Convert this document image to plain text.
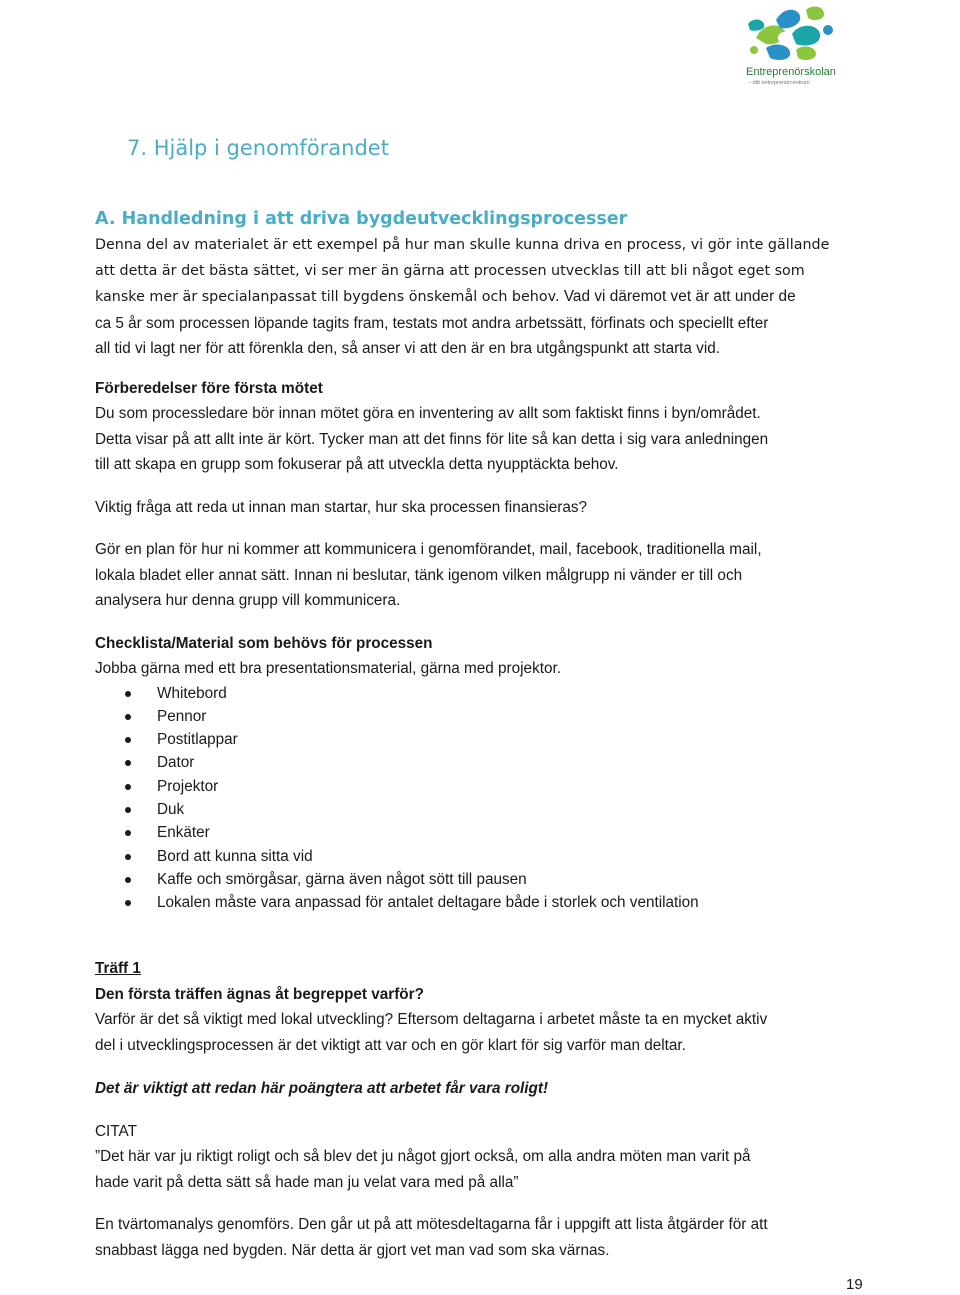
Entreprenörskolan
– ditt entreprenörcentrum
7. Hjälp i genomförandet
A. Handledning i att driva bygdeutvecklingsprocesser

Denna del av materialet är ett exempel på hur man skulle kunna driva en process, vi gör inte gällande

att detta är det bästa sättet, vi ser mer än gärna att processen utvecklas till att bli något eget som

kanske mer är specialanpassat till bygdens önskemål och behov. Vad vi däremot vet är att under de

ca 5 år som processen löpande tagits fram, testats mot andra arbetssätt, förfinats och speciellt efter

all tid vi lagt ner för att förenkla den, så anser vi att den är en bra utgångspunkt att starta vid.

Förberedelser före första mötet

Du som processledare bör innan mötet göra en inventering av allt som faktiskt finns i byn/området.

Detta visar på att allt inte är kört. Tycker man att det finns för lite så kan detta i sig vara anledningen

till att skapa en grupp som fokuserar på att utveckla detta nyupptäckta behov.

Viktig fråga att reda ut innan man startar, hur ska processen finansieras?

Gör en plan för hur ni kommer att kommunicera i genomförandet, mail, facebook, traditionella mail,

lokala bladet eller annat sätt. Innan ni beslutar, tänk igenom vilken målgrupp ni vänder er till och

analysera hur denna grupp vill kommunicera.

Checklista/Material som behövs för processen

Jobba gärna med ett bra presentationsmaterial, gärna med projektor.

Whitebord
Pennor
Postitlappar
Dator
Projektor
Duk
Enkäter
Bord att kunna sitta vid
Kaffe och smörgåsar, gärna även något sött till pausen
Lokalen måste vara anpassad för antalet deltagare både i storlek och ventilation

Träff 1

Den första träffen ägnas åt begreppet varför?

Varför är det så viktigt med lokal utveckling? Eftersom deltagarna i arbetet måste ta en mycket aktiv

del i utvecklingsprocessen är det viktigt att var och en gör klart för sig varför man deltar.

Det är viktigt att redan här poängtera att arbetet får vara roligt!

CITAT

”Det här var ju riktigt roligt och så blev det ju något gjort också, om alla andra möten man varit på

hade varit på detta sätt så hade man ju velat vara med på alla”

En tvärtomanalys genomförs. Den går ut på att mötesdeltagarna får i uppgift att lista åtgärder för att

snabbast lägga ned bygden. När detta är gjort vet man vad som ska värnas.

19
